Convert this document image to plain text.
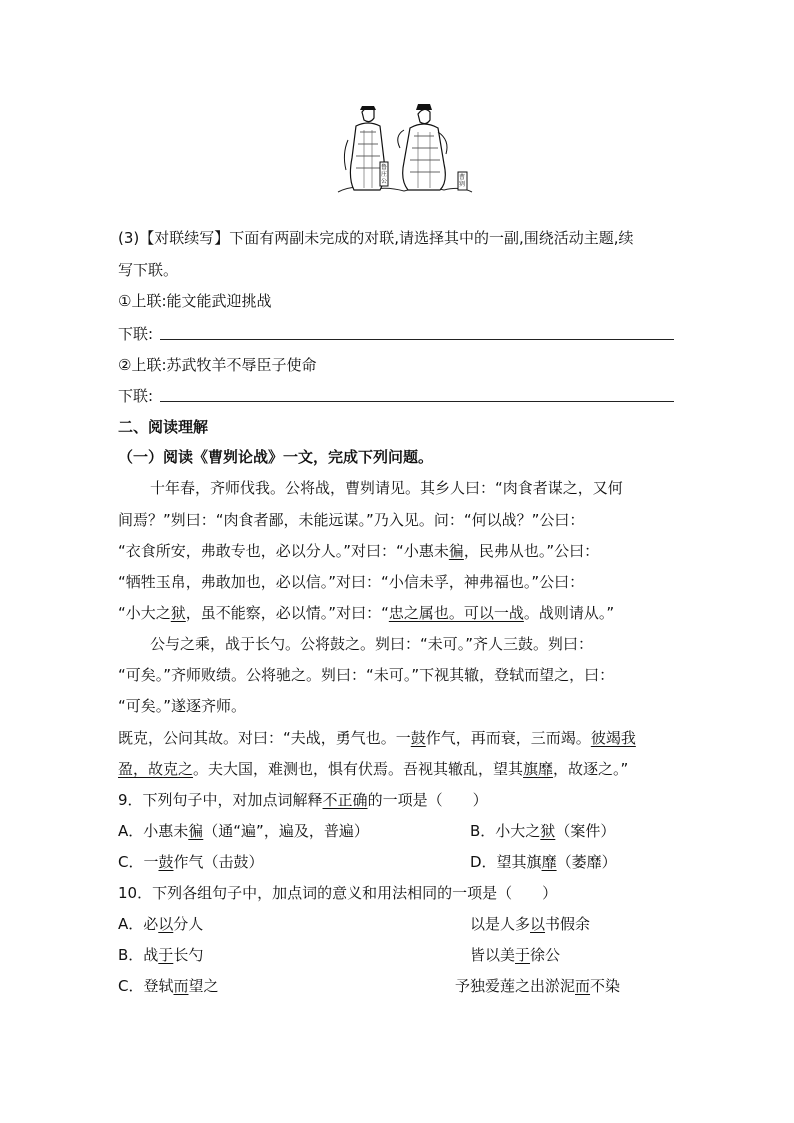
鲁庄公
曹刿
(3)【对联续写】下面有两副未完成的对联,请选择其中的一副,围绕活动主题,续
写下联。
①上联:能文能武迎挑战
下联:
②上联:苏武牧羊不辱臣子使命
下联:
二、阅读理解
（一）阅读《曹刿论战》一文，完成下列问题。
十年春，齐师伐我。公将战，曹刿请见。其乡人曰：“肉食者谋之，又何
间焉？”刿曰：“肉食者鄙，未能远谋。”乃入见。问：“何以战？”公曰：
“衣食所安，弗敢专也，必以分人。”对曰：“小惠未徧，民弗从也。”公曰：
“牺牲玉帛，弗敢加也，必以信。”对曰：“小信未孚，神弗福也。”公曰：
“小大之狱，虽不能察，必以情。”对曰：“忠之属也。可以一战。战则请从。”
公与之乘，战于长勺。公将鼓之。刿曰：“未可。”齐人三鼓。刿曰：
“可矣。”齐师败绩。公将驰之。刿曰：“未可。”下视其辙，登轼而望之，曰：
“可矣。”遂逐齐师。
既克，公问其故。对曰：“夫战，勇气也。一鼓作气，再而衰，三而竭。彼竭我
盈，故克之。夫大国，难测也，惧有伏焉。吾视其辙乱，望其旗靡，故逐之。”
9．下列句子中，对加点词解释不正确的一项是（　　）
A．小惠未徧（通“遍”，遍及，普遍）	B．小大之狱（案件）
C．一鼓作气（击鼓）	D．望其旗靡（萎靡）
10．下列各组句子中，加点词的意义和用法相同的一项是（　　）
A．必以分人	以是人多以书假余
B．战于长勺	皆以美于徐公
C．登轼而望之	予独爱莲之出淤泥而不染
